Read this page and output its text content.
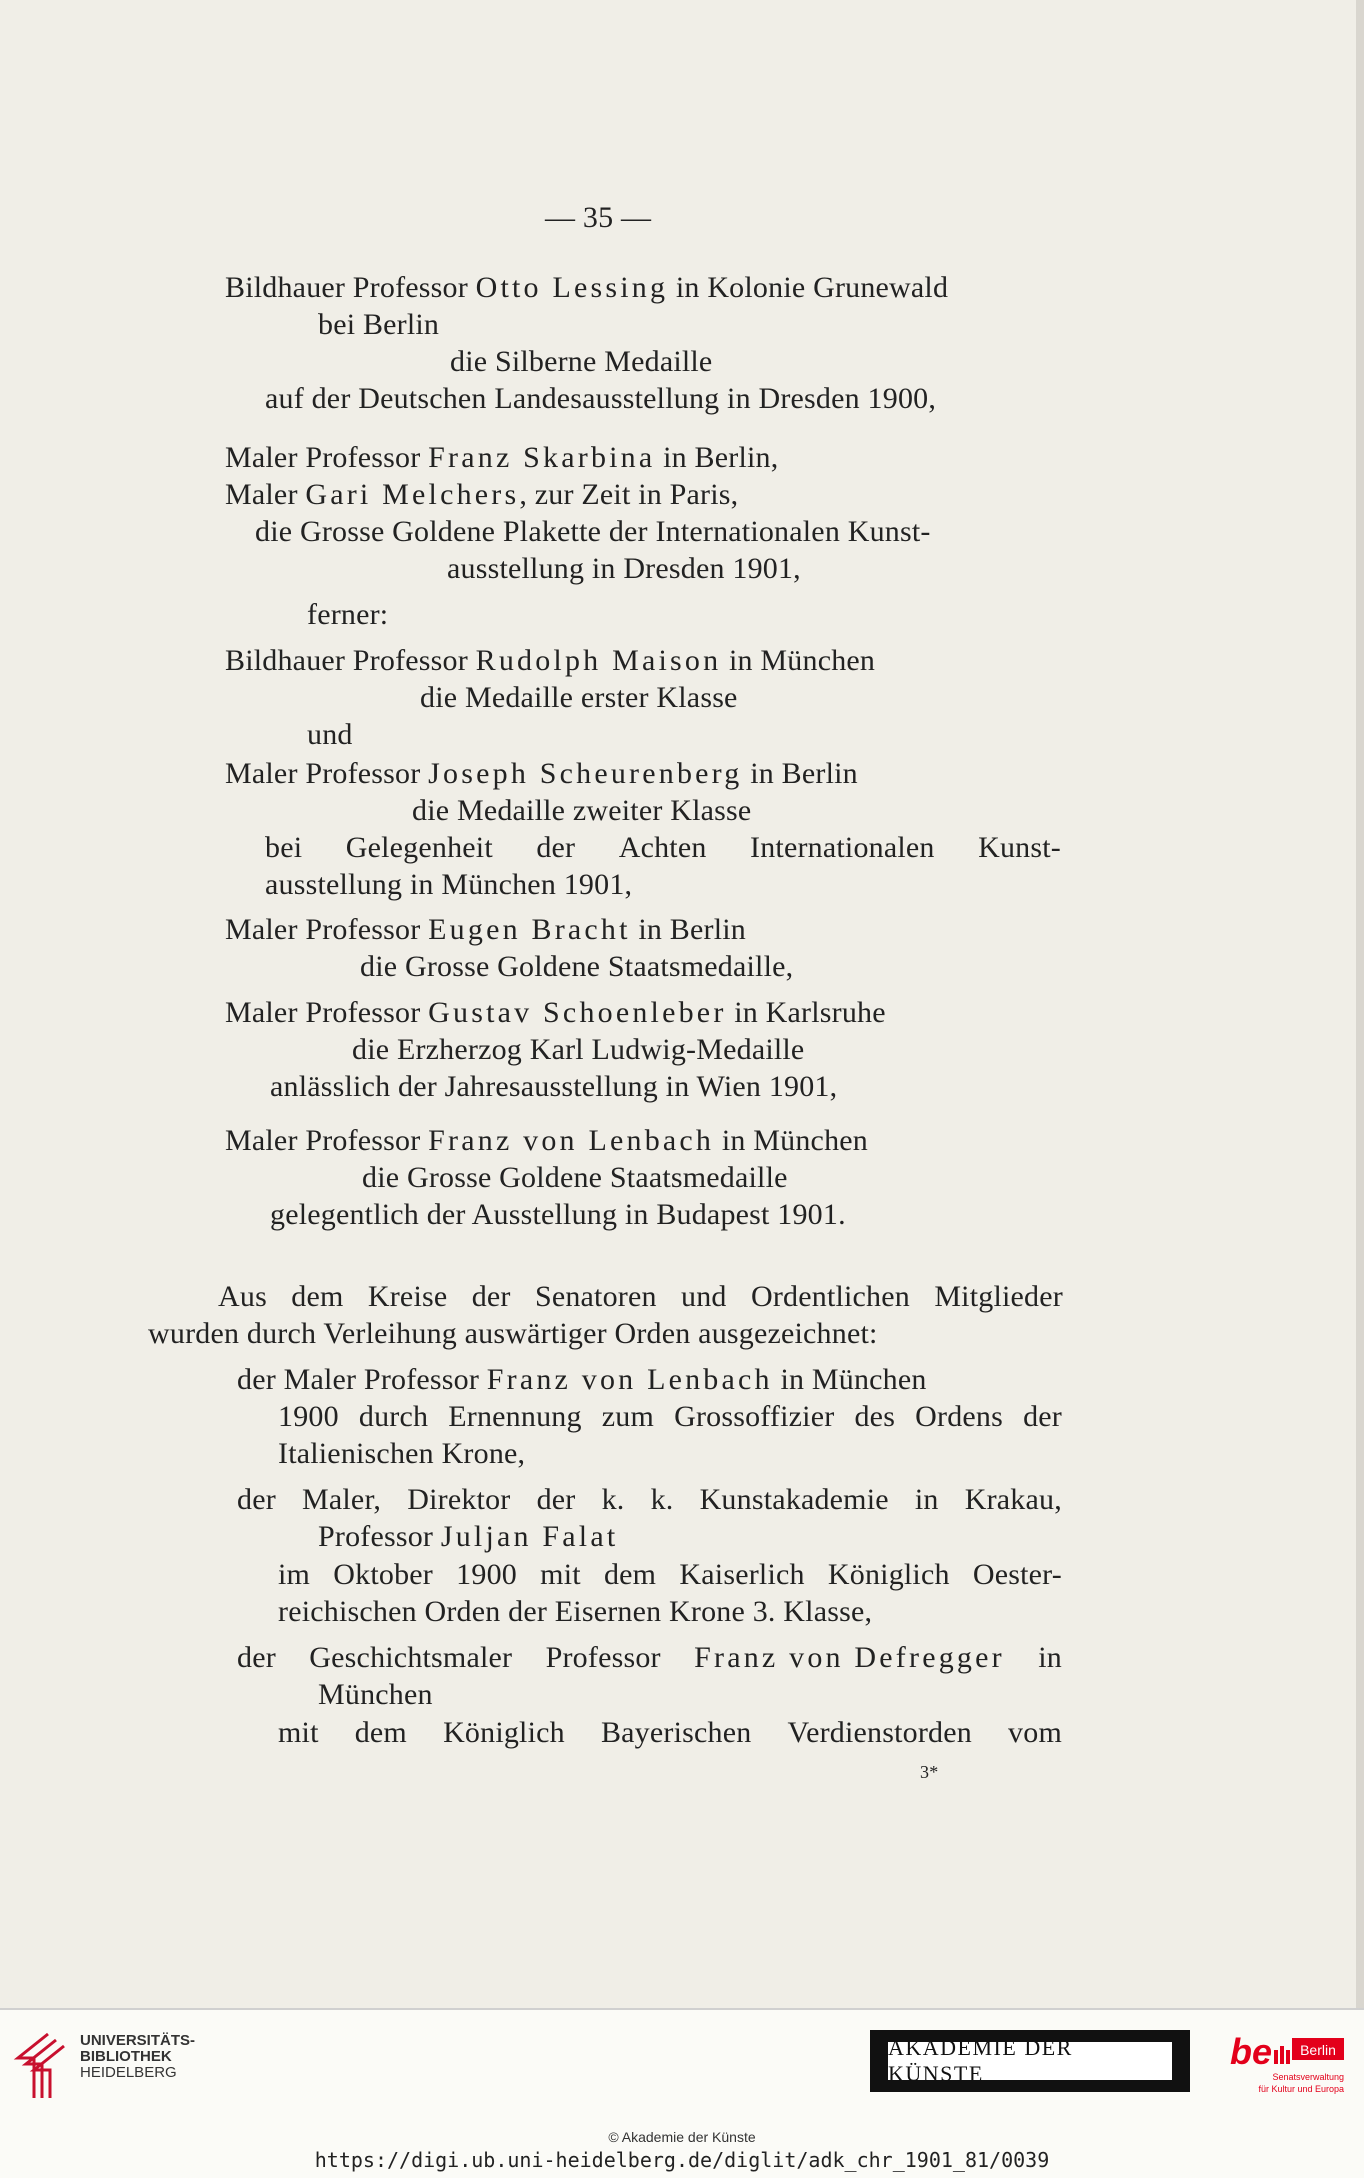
— 35 —
Bildhauer Professor Otto Lessing in Kolonie Grunewald
bei Berlin
die Silberne Medaille
auf der Deutschen Landesausstellung in Dresden 1900,
Maler Professor Franz Skarbina in Berlin,
Maler Gari Melchers, zur Zeit in Paris,
die Grosse Goldene Plakette der Internationalen Kunst-
ausstellung in Dresden 1901,
ferner:
Bildhauer Professor Rudolph Maison in München
die Medaille erster Klasse
und
Maler Professor Joseph Scheurenberg in Berlin
die Medaille zweiter Klasse
bei Gelegenheit der Achten Internationalen Kunst-
ausstellung in München 1901,
Maler Professor Eugen Bracht in Berlin
die Grosse Goldene Staatsmedaille,
Maler Professor Gustav Schoenleber in Karlsruhe
die Erzherzog Karl Ludwig-Medaille
anlässlich der Jahresausstellung in Wien 1901,
Maler Professor Franz von Lenbach in München
die Grosse Goldene Staatsmedaille
gelegentlich der Ausstellung in Budapest 1901.
Aus dem Kreise der Senatoren und Ordentlichen Mitglieder
wurden durch Verleihung auswärtiger Orden ausgezeichnet:
der Maler Professor Franz von Lenbach in München
1900 durch Ernennung zum Grossoffizier des Ordens der
Italienischen Krone,
der Maler, Direktor der k. k. Kunstakademie in Krakau,
Professor Juljan Falat
im Oktober 1900 mit dem Kaiserlich Königlich Oester-
reichischen Orden der Eisernen Krone 3. Klasse,
der Geschichtsmaler Professor Franz von Defregger in
München
mit dem Königlich Bayerischen Verdienstorden vom
3*
UNIVERSITÄTS-
BIBLIOTHEK
HEIDELBERG
AKADEMIE DER KÜNSTE
be Berlin
Senatsverwaltung
für Kultur und Europa
© Akademie der Künste
https://digi.ub.uni-heidelberg.de/diglit/adk_chr_1901_81/0039
